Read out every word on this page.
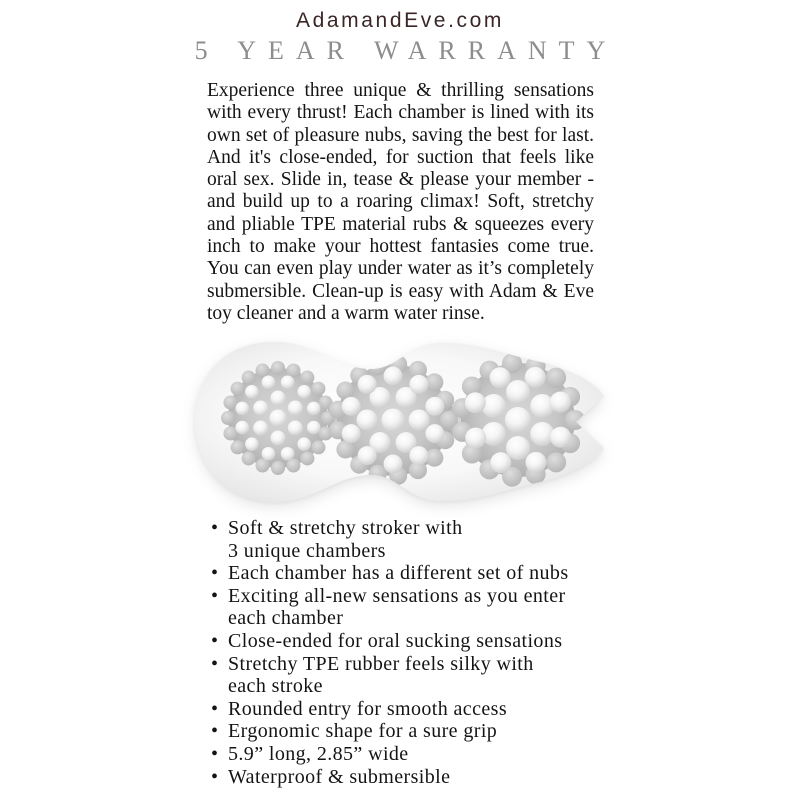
AdamandEve.com
5 YEAR WARRANTY
Experience three unique & thrilling sensations
with every thrust! Each chamber is lined with its
own set of pleasure nubs, saving the best for last.
And it's close-ended, for suction that feels like
oral sex. Slide in, tease & please your member -
and build up to a roaring climax! Soft, stretchy
and pliable TPE material rubs & squeezes every
inch to make your hottest fantasies come true.
You can even play under water as it’s completely
submersible. Clean-up is easy with Adam & Eve
toy cleaner and a warm water rinse.
• Soft & stretchy stroker with
3 unique chambers
• Each chamber has a different set of nubs
• Exciting all-new sensations as you enter
each chamber
• Close-ended for oral sucking sensations
• Stretchy TPE rubber feels silky with
each stroke
• Rounded entry for smooth access
• Ergonomic shape for a sure grip
• 5.9” long, 2.85” wide
• Waterproof & submersible
